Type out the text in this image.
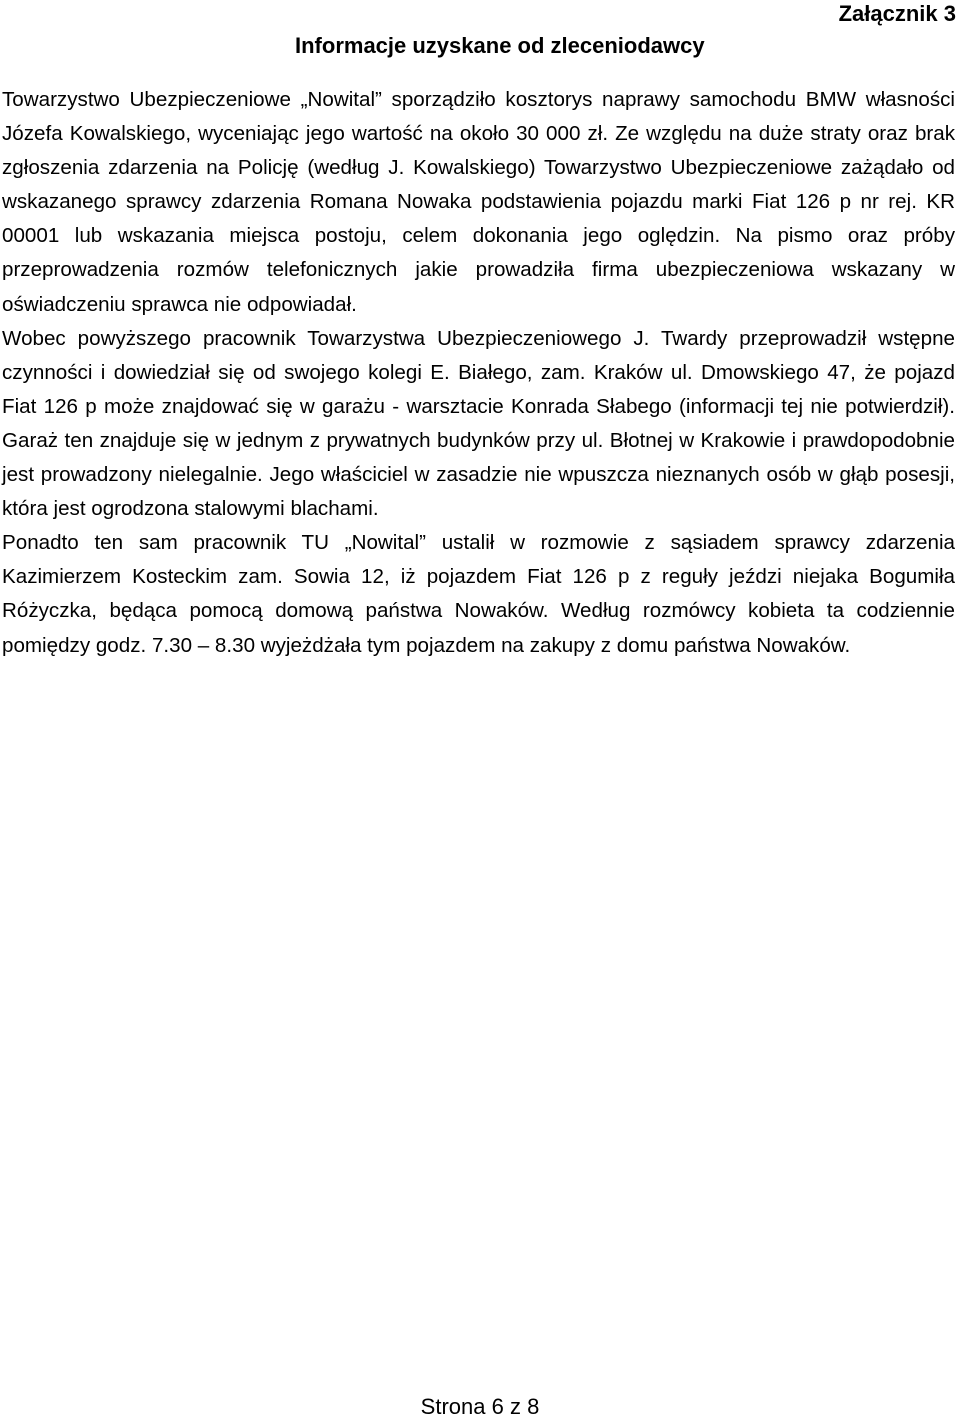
Załącznik 3
Informacje uzyskane od zleceniodawcy

Towarzystwo Ubezpieczeniowe „Nowital” sporządziło kosztorys naprawy samochodu BMW własności Józefa Kowalskiego, wyceniając jego wartość na około 30 000 zł. Ze względu na duże straty oraz brak zgłoszenia zdarzenia na Policję (według J. Kowalskiego) Towarzystwo Ubezpieczeniowe zażądało od wskazanego sprawcy zdarzenia Romana Nowaka podstawienia pojazdu marki Fiat 126 p nr rej. KR 00001 lub wskazania miejsca postoju, celem dokonania jego oględzin. Na pismo oraz próby przeprowadzenia rozmów telefonicznych jakie prowadziła firma ubezpieczeniowa wskazany w oświadczeniu sprawca nie odpowiadał.

Wobec powyższego pracownik Towarzystwa Ubezpieczeniowego J. Twardy przeprowadził wstępne czynności i dowiedział się od swojego kolegi E. Białego, zam. Kraków ul. Dmowskiego 47, że pojazd Fiat 126 p może znajdować się w garażu - warsztacie Konrada Słabego (informacji tej nie potwierdził). Garaż ten znajduje się w jednym z prywatnych budynków przy ul. Błotnej w Krakowie i prawdopodobnie jest prowadzony nielegalnie. Jego właściciel w zasadzie nie wpuszcza nieznanych osób w głąb posesji, która jest ogrodzona stalowymi blachami.

Ponadto ten sam pracownik TU „Nowital” ustalił w rozmowie z sąsiadem sprawcy zdarzenia Kazimierzem Kosteckim zam. Sowia 12, iż pojazdem Fiat 126 p z reguły jeździ niejaka Bogumiła Różyczka, będąca pomocą domową państwa Nowaków. Według rozmówcy kobieta ta codziennie pomiędzy godz. 7.30 – 8.30 wyjeżdżała tym pojazdem na zakupy z domu państwa Nowaków.

Strona 6 z 8
